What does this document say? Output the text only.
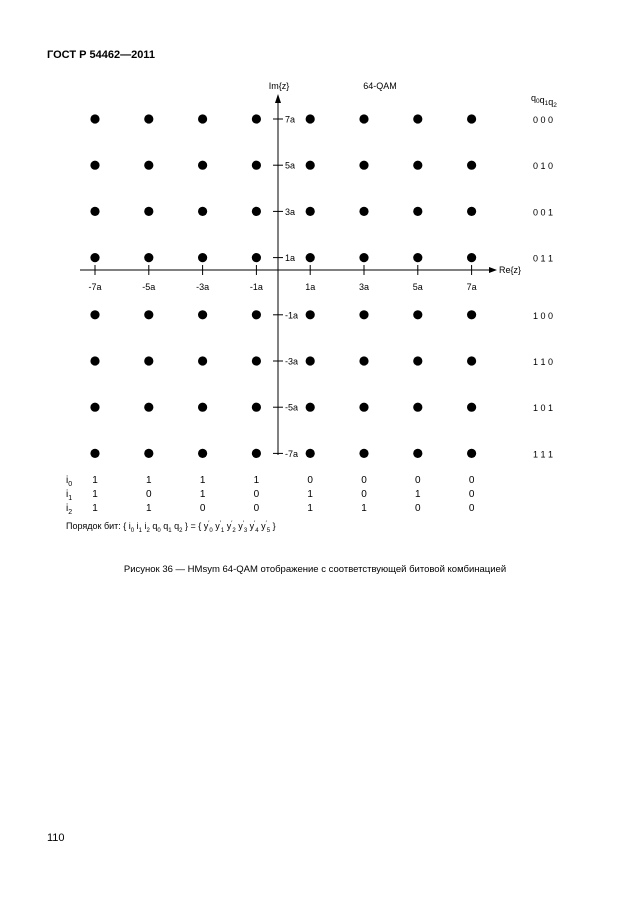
ГОСТ Р 54462—2011
-7a	-5a	-3a	-1a	1a	3a	5a	7a
7a
5a
3a
1a
-1a
-3a
-5a
-7a
Im{z}
Re{z}
64-QAM
$q_0q_1q_2$
0 0 0
0 1 0
0 0 1
0 1 1
1 0 0
1 1 0
1 0 1
1 1 1
$i_0$	1	1	1	1	0	0	0	0
$i_1$	1	0	1	0	1	0	1	0
$i_2$	1	1	0	0	1	1	0	0
Порядок бит: { $i_0$ $i_1$ $i_2$ $q_0$ $q_1$ $q_2$ } = { $y'_0$ $y'_1$ $y'_2$ $y'_3$ $y'_4$ $y'_5$ }
Рисунок 36 — HMsym 64-QAM отображение с соответствующей битовой комбинацией
110
